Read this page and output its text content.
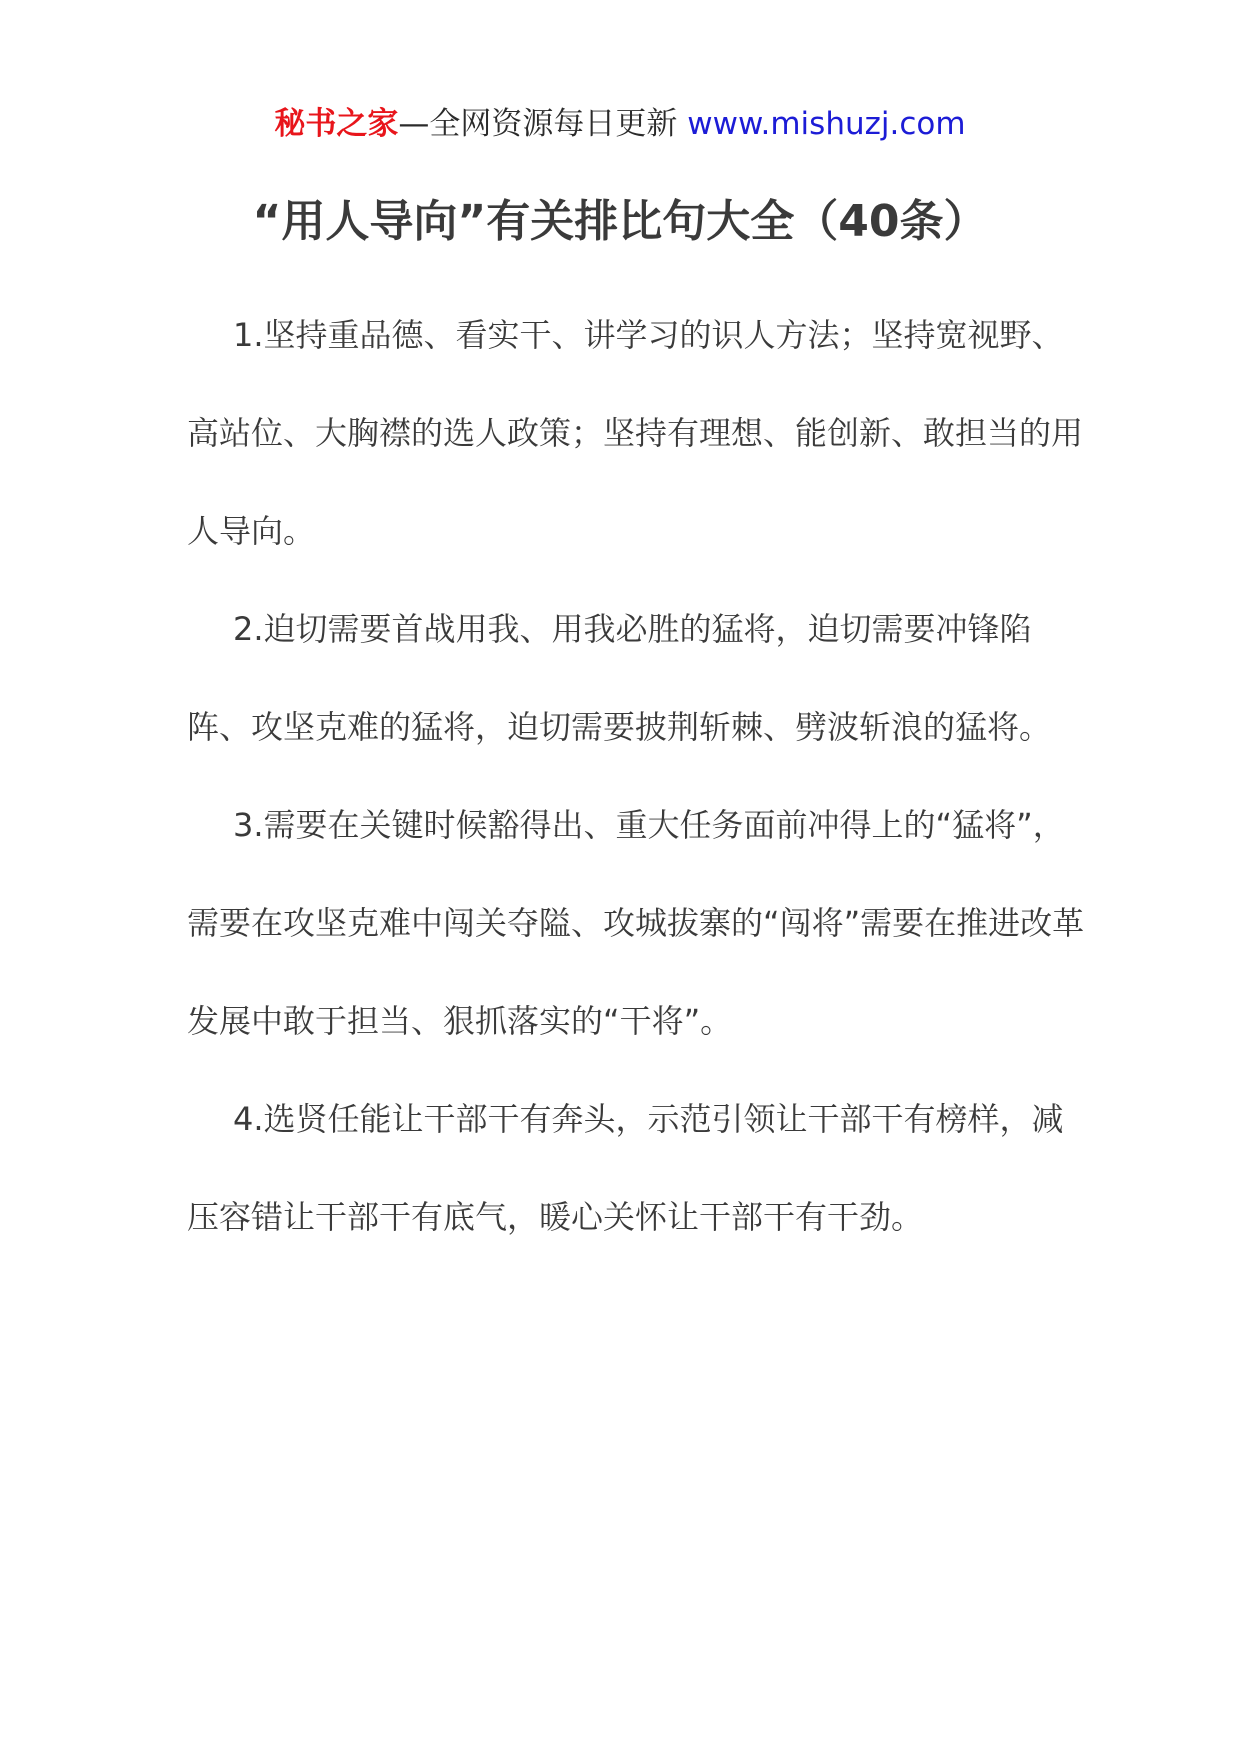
秘书之家—全网资源每日更新 www.mishuzj.com
“用人导向”有关排比句大全（40条）

1.坚持重品德、看实干、讲学习的识人方法；坚持宽视野、高站位、大胸襟的选人政策；坚持有理想、能创新、敢担当的用人导向。

2.迫切需要首战用我、用我必胜的猛将，迫切需要冲锋陷阵、攻坚克难的猛将，迫切需要披荆斩棘、劈波斩浪的猛将。

3.需要在关键时候豁得出、重大任务面前冲得上的“猛将”，需要在攻坚克难中闯关夺隘、攻城拔寨的“闯将”需要在推进改革发展中敢于担当、狠抓落实的“干将”。

4.选贤任能让干部干有奔头，示范引领让干部干有榜样，减压容错让干部干有底气，暖心关怀让干部干有干劲。
